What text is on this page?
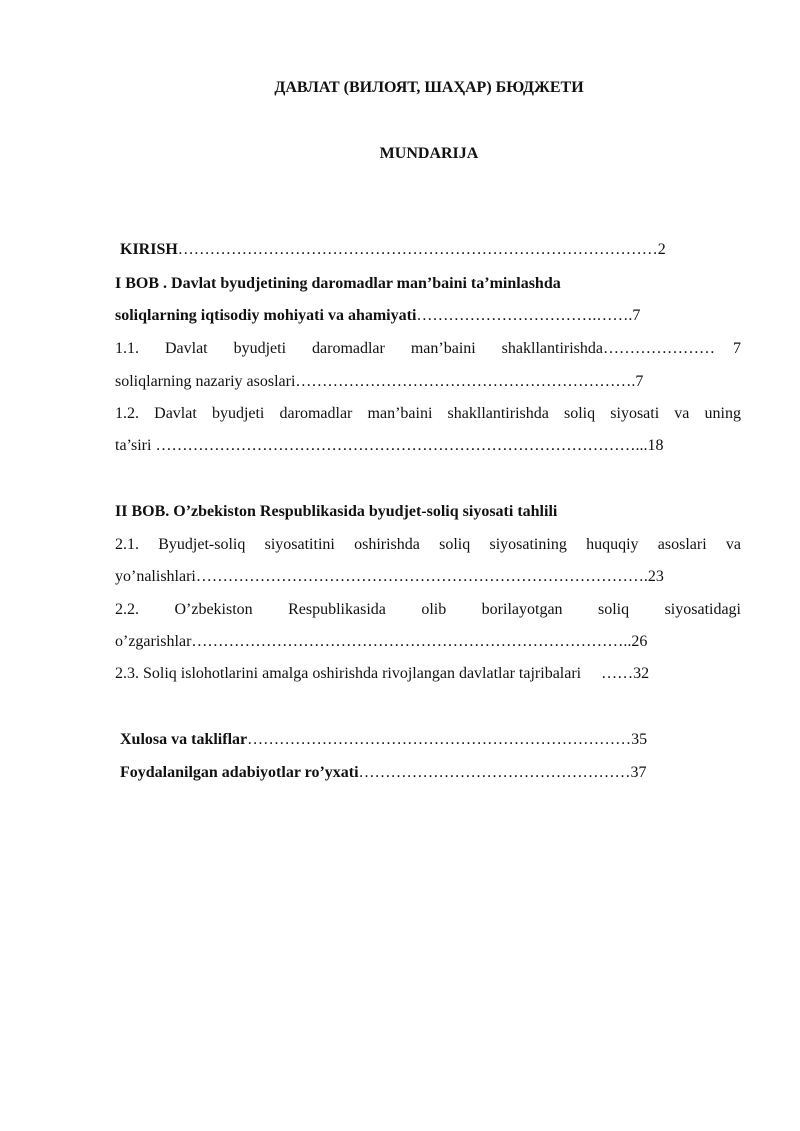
ДАВЛАТ (ВИЛОЯТ, ШАҲАР) БЮДЖЕТИ
MUNDARIJA
KIRISH………………………………………………………………………………2
I BOB . Davlat byudjetining daromadlar man’baini ta’minlashda
soliqlarning iqtisodiy mohiyati va ahamiyati…………………………….…….7
1.1. Davlat byudjeti daromadlar man’baini shakllantirishda………………… 7
soliqlarning nazariy asoslari……………………………………………………….7
1.2. Davlat byudjeti daromadlar man’baini shakllantirishda soliq siyosati va uning
ta’siri ………………………………………………………………………………...18
II BOB. O’zbekiston Respublikasida byudjet-soliq siyosati tahlili
2.1. Byudjet-soliq siyosatitini oshirishda soliq siyosatining huquqiy asoslari va
yo’nalishlari………………………………………………………………………….23
2.2. O’zbekiston Respublikasida olib borilayotgan soliq siyosatidagi
o’zgarishlar………………………………………………………………………..26
2.3. Soliq islohotlarini amalga oshirishda rivojlangan davlatlar tajribalari ……32
Xulosa va takliflar………………………………………………………………35
Foydalanilgan adabiyotlar ro’yxati……………………………………………37
